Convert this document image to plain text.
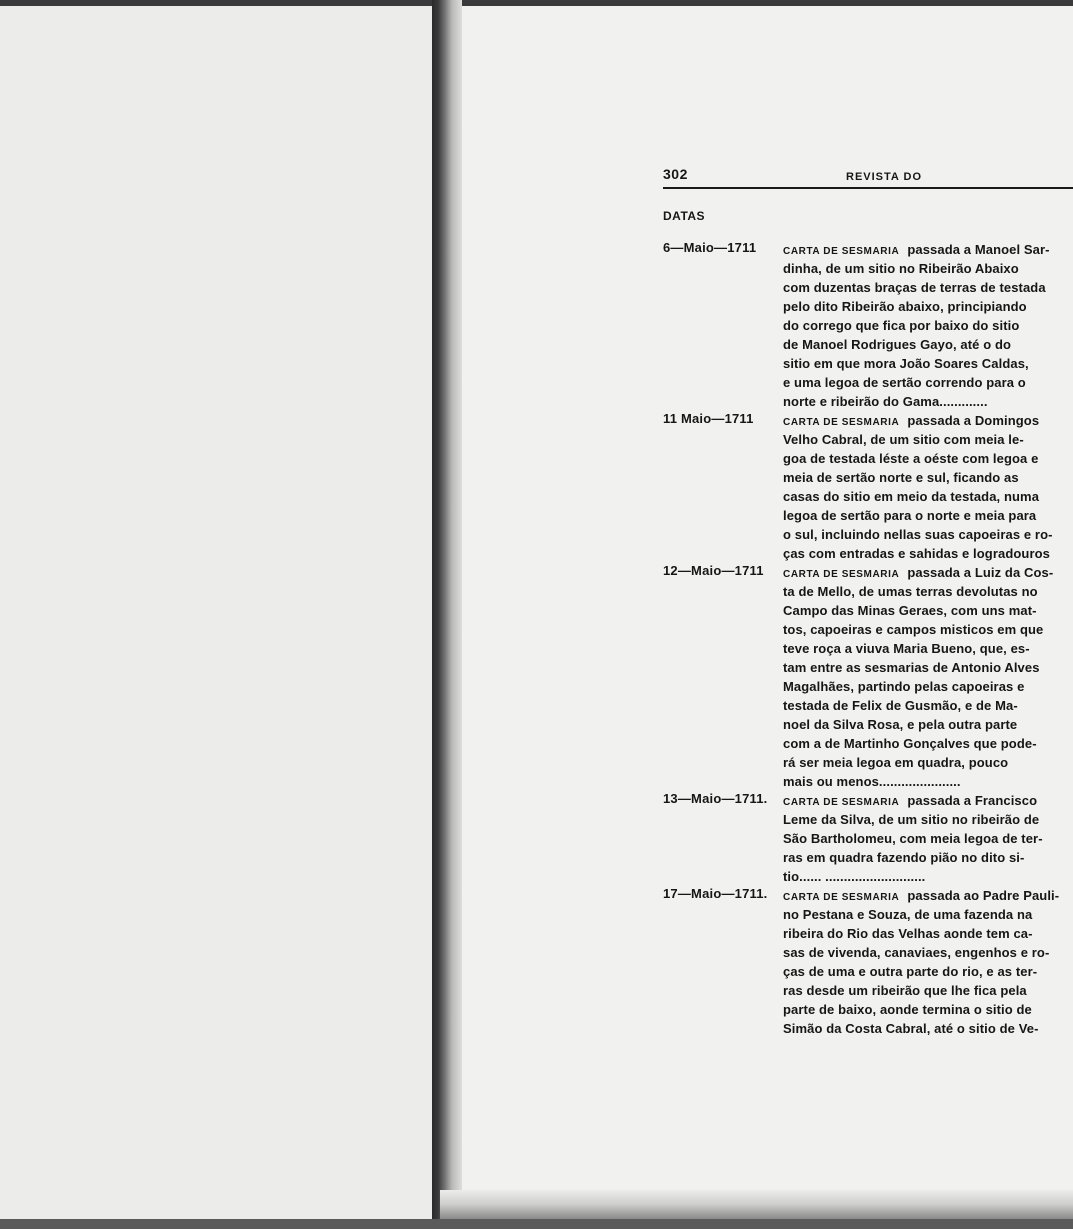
302	REVISTA DO
DATAS
6—Maio—1711	CARTA DE SESMARIA passada a Manoel Sar-
dinha, de um sitio no Ribeirão Abaixo
com duzentas braças de terras de testada
pelo dito Ribeirão abaixo, principiando
do corrego que fica por baixo do sitio
de Manoel Rodrigues Gayo, até o do
sitio em que mora João Soares Caldas,
e uma legoa de sertão correndo para o
norte e ribeirão do Gama.............
11 Maio—1711	CARTA DE SESMARIA passada a Domingos
Velho Cabral, de um sitio com meia le-
goa de testada léste a oéste com legoa e
meia de sertão norte e sul, ficando as
casas do sitio em meio da testada, numa
legoa de sertão para o norte e meia para
o sul, incluindo nellas suas capoeiras e ro-
ças com entradas e sahidas e logradouros
12—Maio—1711 CARTA DE SESMARIA passada a Luiz da Cos-
ta de Mello, de umas terras devolutas no
Campo das Minas Geraes, com uns mat-
tos, capoeiras e campos misticos em que
teve roça a viuva Maria Bueno, que, es-
tam entre as sesmarias de Antonio Alves
Magalhães, partindo pelas capoeiras e
testada de Felix de Gusmão, e de Ma-
noel da Silva Rosa, e pela outra parte
com a de Martinho Gonçalves que pode-
rá ser meia legoa em quadra, pouco
mais ou menos......................
13—Maio—1711. CARTA DE SESMARIA passada a Francisco
Leme da Silva, de um sitio no ribeirão de
São Bartholomeu, com meia legoa de ter-
ras em quadra fazendo pião no dito si-
tio...... ...........................
17—Maio—1711. CARTA DE SESMARIA passada ao Padre Pauli-
no Pestana e Souza, de uma fazenda na
ribeira do Rio das Velhas aonde tem ca-
sas de vivenda, canaviaes, engenhos e ro-
ças de uma e outra parte do rio, e as ter-
ras desde um ribeirão que lhe fica pela
parte de baixo, aonde termina o sitio de
Simão da Costa Cabral, até o sitio de Ve-
